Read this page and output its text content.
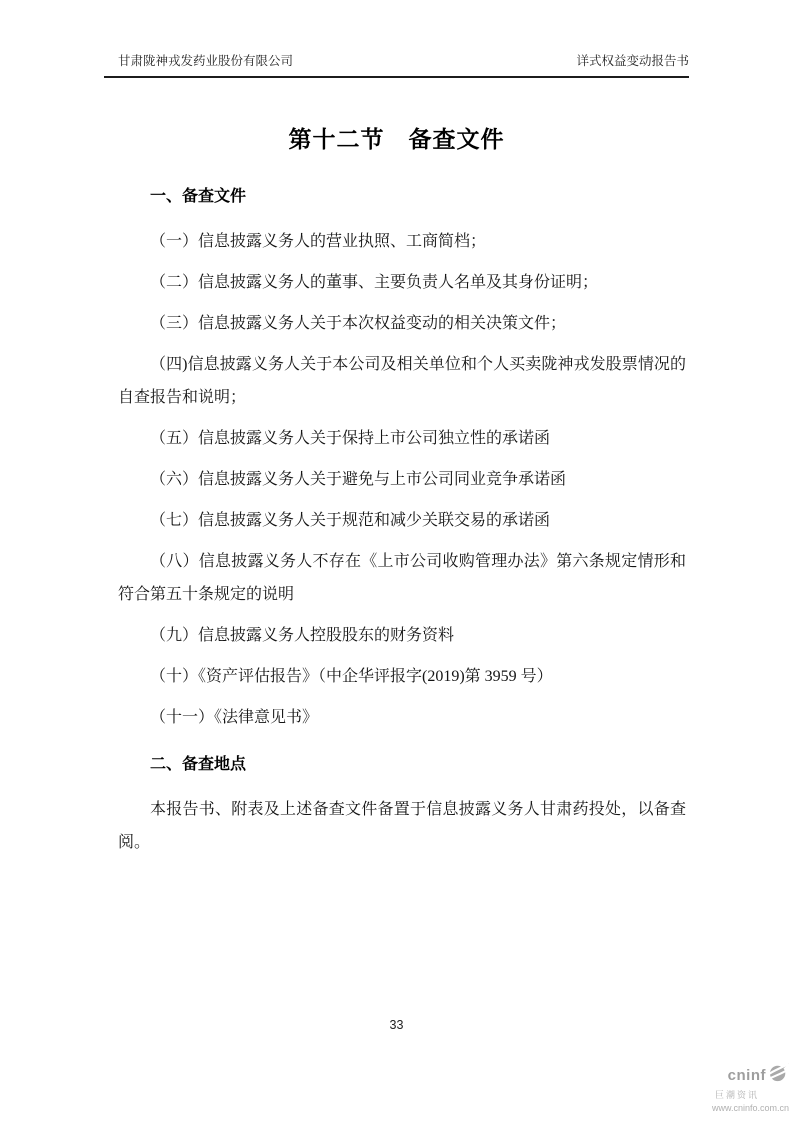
甘肃陇神戎发药业股份有限公司	详式权益变动报告书
第十二节　备查文件
一、备查文件

（一）信息披露义务人的营业执照、工商简档；

（二）信息披露义务人的董事、主要负责人名单及其身份证明；

（三）信息披露义务人关于本次权益变动的相关决策文件；

（四)信息披露义务人关于本公司及相关单位和个人买卖陇神戎发股票情况的自查报告和说明；

（五）信息披露义务人关于保持上市公司独立性的承诺函

（六）信息披露义务人关于避免与上市公司同业竞争承诺函

（七）信息披露义务人关于规范和减少关联交易的承诺函

（八）信息披露义务人不存在《上市公司收购管理办法》第六条规定情形和符合第五十条规定的说明

（九）信息披露义务人控股股东的财务资料

（十）《资产评估报告》（中企华评报字(2019)第 3959 号）

（十一）《法律意见书》

二、备查地点

本报告书、附表及上述备查文件备置于信息披露义务人甘肃药投处，以备查阅。

33
cninf
巨潮资讯
www.cninfo.com.cn
